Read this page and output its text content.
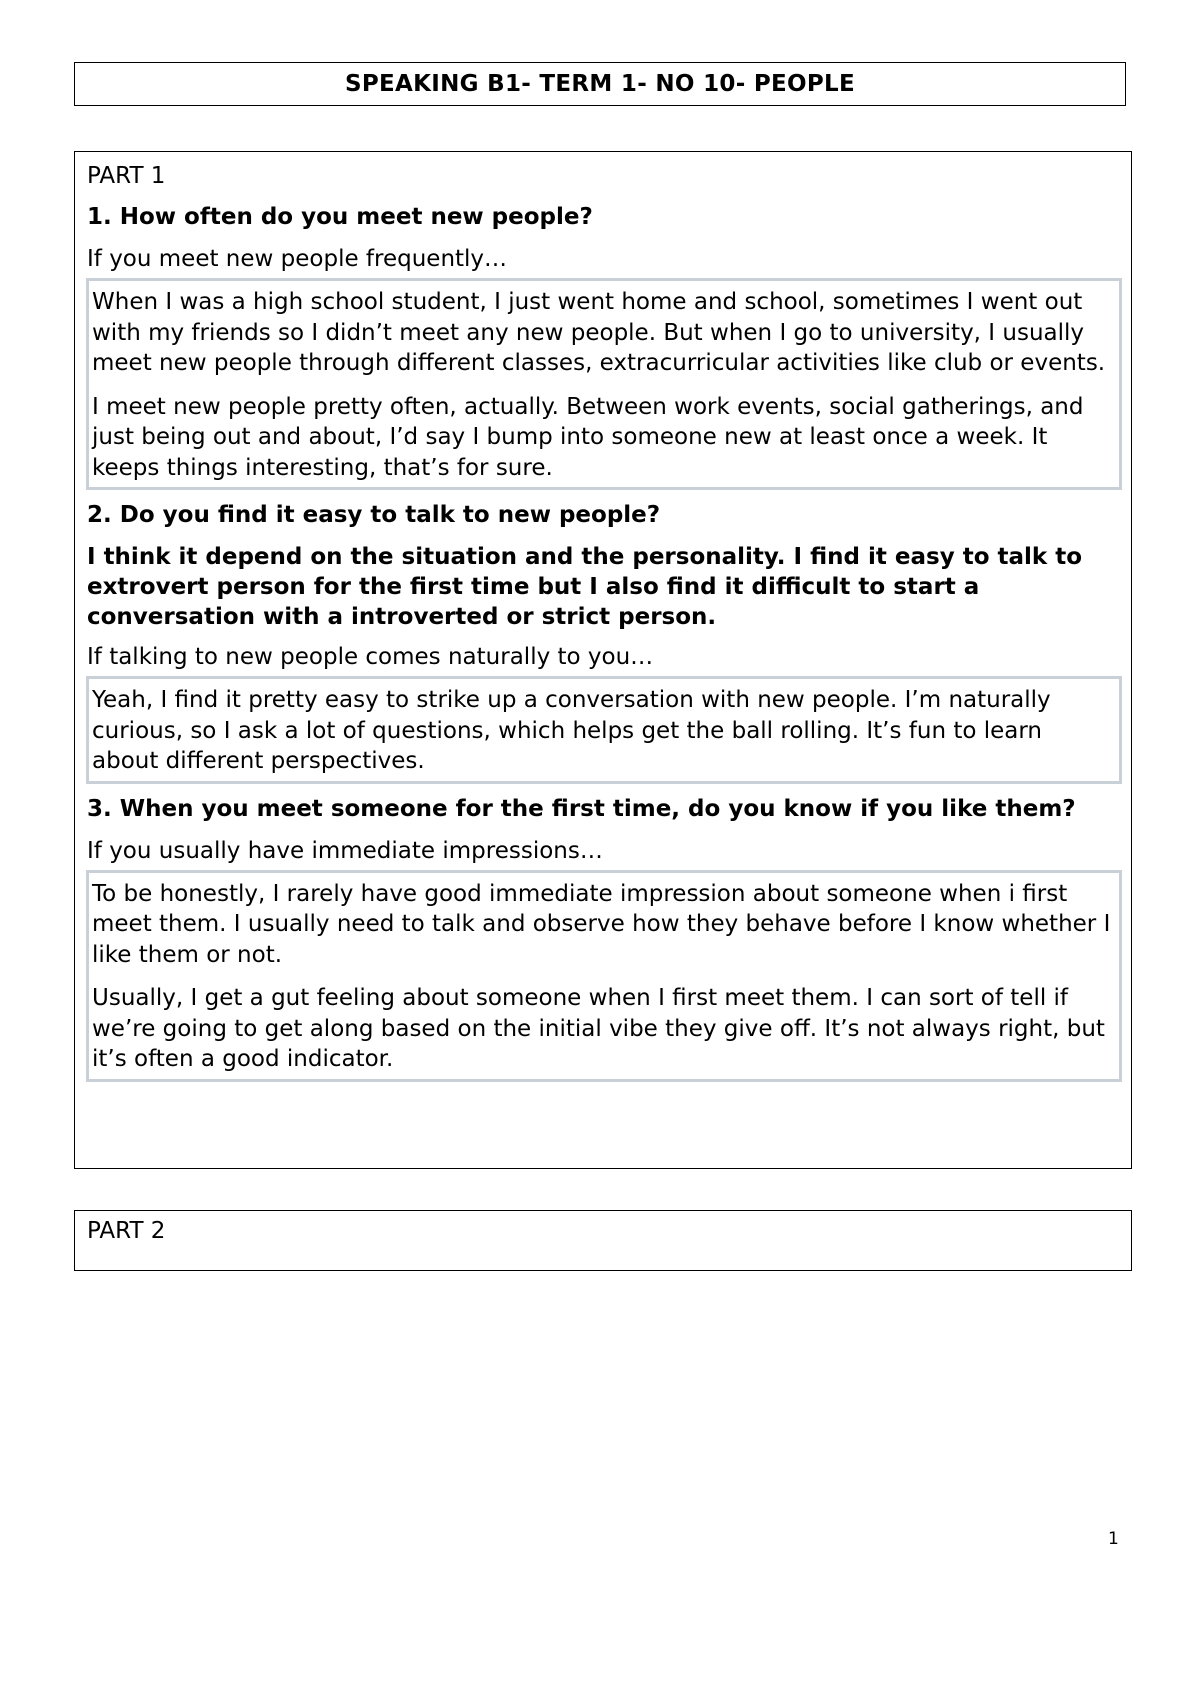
SPEAKING B1- TERM 1- NO 10- PEOPLE

PART 1

1. How often do you meet new people?

If you meet new people frequently…

When I was a high school student, I just went home and school, sometimes I went out with my friends so I didn’t meet any new people. But when I go to university, I usually meet new people through different classes, extracurricular activities like club or events.

I meet new people pretty often, actually. Between work events, social gatherings, and just being out and about, I’d say I bump into someone new at least once a week. It keeps things interesting, that’s for sure.

2. Do you find it easy to talk to new people?

I think it depend on the situation and the personality. I find it easy to talk to extrovert person for the first time but I also find it difficult to start a conversation with a introverted or strict person.

If talking to new people comes naturally to you…

Yeah, I find it pretty easy to strike up a conversation with new people. I’m naturally curious, so I ask a lot of questions, which helps get the ball rolling. It’s fun to learn about different perspectives.

3. When you meet someone for the first time, do you know if you like them?

If you usually have immediate impressions…

To be honestly, I rarely have good immediate impression about someone when i first meet them. I usually need to talk and observe how they behave before I know whether I like them or not.

Usually, I get a gut feeling about someone when I first meet them. I can sort of tell if we’re going to get along based on the initial vibe they give off. It’s not always right, but it’s often a good indicator.

PART 2

1
